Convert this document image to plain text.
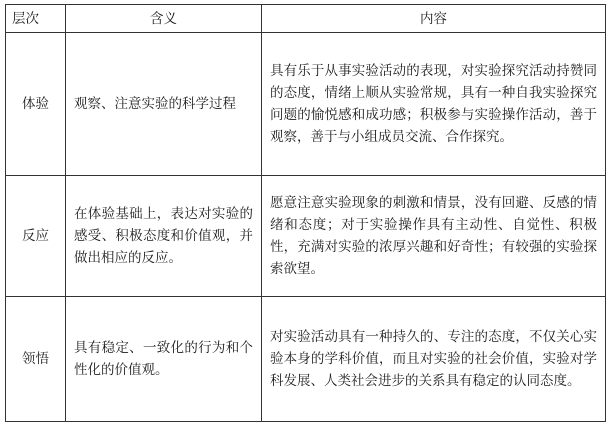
层次	含义	内容
体验	观察、注意实验的科学过程	具有乐于从事实验活动的表现，对实验探究活动持赞同的态度，情绪上顺从实验常规，具有一种自我实验探究问题的愉悦感和成功感；积极参与实验操作活动，善于观察，善于与小组成员交流、合作探究。
反应	在体验基础上，表达对实验的感受、积极态度和价值观，并做出相应的反应。	愿意注意实验现象的刺激和情景，没有回避、反感的情绪和态度；对于实验操作具有主动性、自觉性、积极性，充满对实验的浓厚兴趣和好奇性；有较强的实验探索欲望。
领悟	具有稳定、一致化的行为和个性化的价值观。	对实验活动具有一种持久的、专注的态度，不仅关心实验本身的学科价值，而且对实验的社会价值，实验对学科发展、人类社会进步的关系具有稳定的认同态度。
